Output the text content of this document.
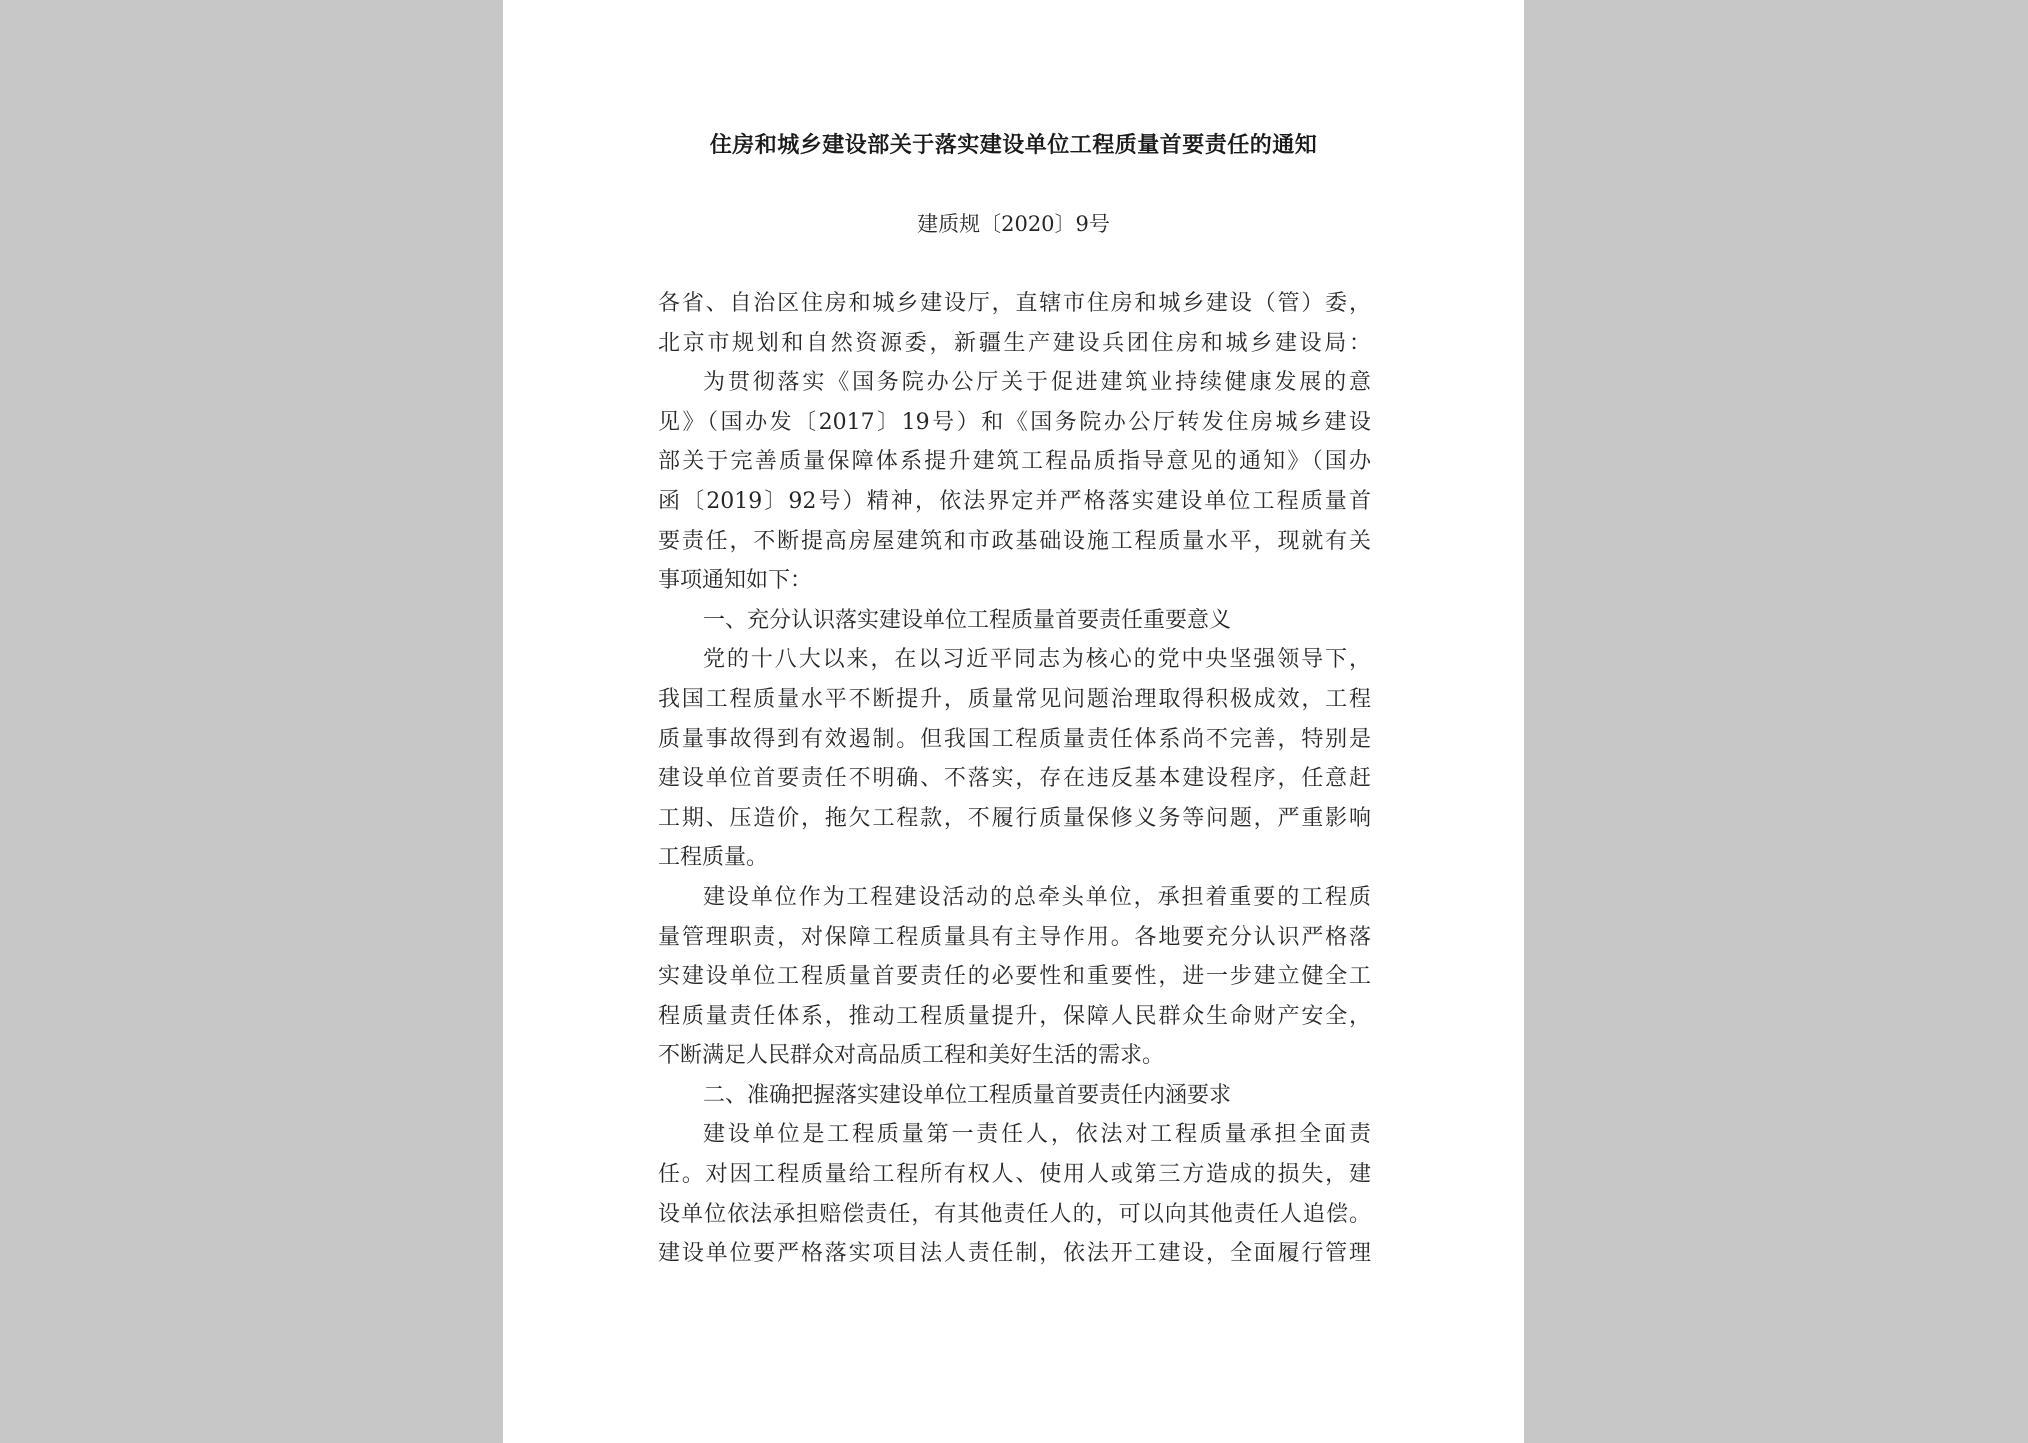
住房和城乡建设部关于落实建设单位工程质量首要责任的通知
建质规〔2020〕9号
各省、自治区住房和城乡建设厅，直辖市住房和城乡建设（管）委，
北京市规划和自然资源委，新疆生产建设兵团住房和城乡建设局：
为贯彻落实《国务院办公厅关于促进建筑业持续健康发展的意
见》（国办发〔2017〕19号）和《国务院办公厅转发住房城乡建设
部关于完善质量保障体系提升建筑工程品质指导意见的通知》（国办
函〔2019〕92号）精神，依法界定并严格落实建设单位工程质量首
要责任，不断提高房屋建筑和市政基础设施工程质量水平，现就有关
事项通知如下：
一、充分认识落实建设单位工程质量首要责任重要意义
党的十八大以来，在以习近平同志为核心的党中央坚强领导下，
我国工程质量水平不断提升，质量常见问题治理取得积极成效，工程
质量事故得到有效遏制。但我国工程质量责任体系尚不完善，特别是
建设单位首要责任不明确、不落实，存在违反基本建设程序，任意赶
工期、压造价，拖欠工程款，不履行质量保修义务等问题，严重影响
工程质量。
建设单位作为工程建设活动的总牵头单位，承担着重要的工程质
量管理职责，对保障工程质量具有主导作用。各地要充分认识严格落
实建设单位工程质量首要责任的必要性和重要性，进一步建立健全工
程质量责任体系，推动工程质量提升，保障人民群众生命财产安全，
不断满足人民群众对高品质工程和美好生活的需求。
二、准确把握落实建设单位工程质量首要责任内涵要求
建设单位是工程质量第一责任人，依法对工程质量承担全面责
任。对因工程质量给工程所有权人、使用人或第三方造成的损失，建
设单位依法承担赔偿责任，有其他责任人的，可以向其他责任人追偿。
建设单位要严格落实项目法人责任制，依法开工建设，全面履行管理
